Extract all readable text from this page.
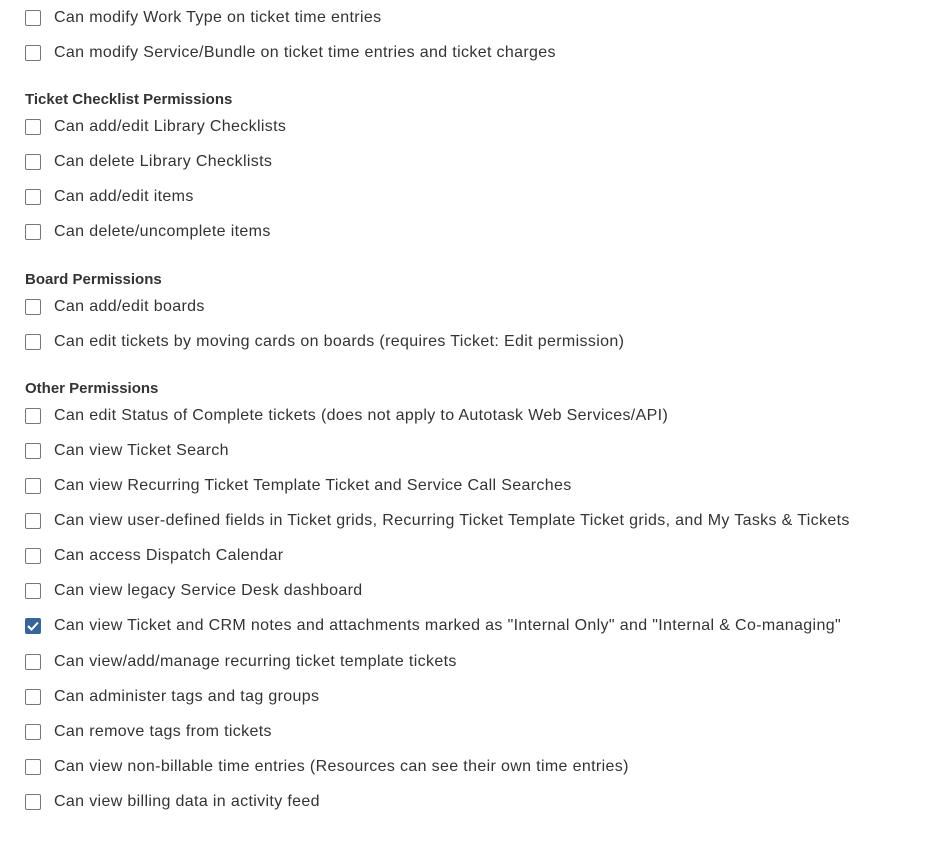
Can modify Work Type on ticket time entries
Can modify Service/Bundle on ticket time entries and ticket charges
Ticket Checklist Permissions
Can add/edit Library Checklists
Can delete Library Checklists
Can add/edit items
Can delete/uncomplete items
Board Permissions
Can add/edit boards
Can edit tickets by moving cards on boards (requires Ticket: Edit permission)
Other Permissions
Can edit Status of Complete tickets (does not apply to Autotask Web Services/API)
Can view Ticket Search
Can view Recurring Ticket Template Ticket and Service Call Searches
Can view user-defined fields in Ticket grids, Recurring Ticket Template Ticket grids, and My Tasks & Tickets
Can access Dispatch Calendar
Can view legacy Service Desk dashboard
Can view Ticket and CRM notes and attachments marked as "Internal Only" and "Internal & Co-managing"
Can view/add/manage recurring ticket template tickets
Can administer tags and tag groups
Can remove tags from tickets
Can view non-billable time entries (Resources can see their own time entries)
Can view billing data in activity feed
